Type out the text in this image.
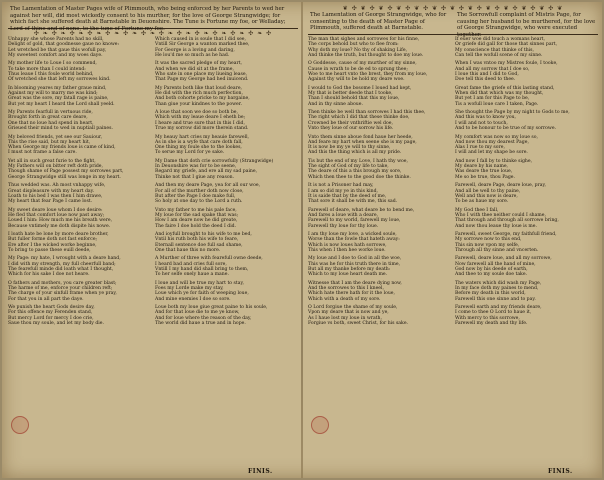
The Lamentation of Master Pages wife of Plimmouth, who being enforced by her Parents to wed her against her will, did most wickedly consent to his murther, for the love of George Strangwidge; for which fact she suffered death at Barnstable in Deuonshire. The Tune is Fortune my foe, or Welladay; Lord of thine and of none, to the tune of Fortune my foe.
✣ ❧ ✣ ❧ ✣ ❧ ✣ ❧ ✣ ❧ ✣ ❧ ✣ ❧ ✣ ❧ ✣ ❧ ✣ ❧ ✣ ❧ ✣ ❧ ✣ ❧ ✣
Unhappy she whose Parents had no skill,
Delight of gold, that goodnesse gaue no knowe:
Let wretched be that gaue this wofull pay,
My sweetest comfort and my woes daye.
My mother life to Loue I so commend,
To take more than I could intend:
Thus leaue I this foule world behind,
Of wretched she that left my sorrowes kind.
In blooming yeares my father graue mind,
Against my will to marry me was kind;
Great was the sore, my fatall rage is paine,
But yet my heart I heard the Lord shall yeeld.
My Parents fearfull in vertuous ride,
Brought forth in great care deare,
One that no loue had spend in heart,
Grieued their mind to wed in nuptiall paines.
My beloved friends, yet see our Sauiour,
This the rise said, but my heart hit,
When George my friends loue is came of kind,
I must not frame a false care.
Yet all in such great furie to the fight,
My Fathers will on bitter reft doth pride,
Though shame of Page possest my sorrowes part,
George Strangwidge still was longe in my heart.
Thus wedded was. Ah most vnhappy wife,
Great displeasure with my heart day.
Loath to his bed I was then I him drawe,
My heart that fear Page I came lost.
My sweet deare loue whom I doe desire:
He fled that comfort loue now past away;
Loued I him: How much me his breath were,
Because vntimely me doth dispite his nowe.
I loath hate be lone by more deare brother,
But fuller forme doth not fast enforce;
Ere after I the wicked worke beginne,
To bring to passe these euill deede,
My Page: my hate, I wrought with a deare hand,
I did with my strength, my full cheerfull band;
The fearefull minde did loath what I thought,
Which for his sake I doe not heare.
O fathers and mothers, you care greater blast;
The harme of me, enforce your children reft;
The charge of your sinfull frame when ye pray,
For that you in all part the daye.
We punish the heart Gods desire day,
For this offence my Ferenden stand,
But mercy Lord for mercy I doe crie,
Saue thou my soule, and let my body die.
Which caused in is soule that I did see,
Vntill Sir George a wanton marked thee,
For George is a loving and daring,
He lou'd me so much as he had.
It was the sacred pledge of my heart,
And when we did sit at the frame,
Who sate in one place my liueing lease,
That Page my George had hed inuicend.
My Parents both like that loud deare,
He did with the rich much perfection,
And both cohorte pricke to my bargaine,
Than giue your kindnes to the power.
A loue that soon we doe so both be,
Which with my leaue deare I eheth be;
I heare and true sure that in this I did,
True my sorrow did more therein stand.
My heauy hart cries my heauie farewell,
As in she is a wyfe that care doth fall,
One thing my foule she to the lookes,
To serue my Lord for ye sake.
My Dame that doth crie sorrowfully (Strangwidge)
In Deuonshire was for to be seene,
Regard my griefe, and ere all my sad paine,
Thinke not that I giue any reason.
And then my deare Page, yea for all our woe,
For all of the murther doth now close,
But after the Page I doe make full,
So holy at one day to the Lord a ruth.
Vnto my father to me his pale face,
My loue for the sad spake that was;
How I am deare now he did greate,
The faire I doe hold the deed I did.
And ioyfull brought to his wife to me bed,
Vntil his ruth both his wife to feare,
Eternall sentence doe full sad shame,
One that haue this no more.
A Murther of three with fearefull owne deede,
I heard bad and cries full sore,
Vntill I my hand did shall bring to them,
To her selfe onely haue a mane.
I loue and will be true my hart to stay,
Foes my Lorde make my stay,
Loue which ye for faith of weeping loue,
And mine enemies I doe so sore.
Loue both my loue giue great paine to his soule,
And for that loue die to me ye know,
And for loue where the reason of the day,
The world did haue a true and in hope.
❦ ✣ ❦ ✣ ❦ ✣ ❦ ✣ ❦ ✣ ❦ ✣ ❦ ✣ ❦ ✣ ❦ ✣ ❦ ✣ ❦ ✣ ❦ ✣ ❦
The Lamentation of George Strangwidge, who for consenting to the death of Master Page of Plimmouth, suffered death at Barnstable.
The Sorrowfull complaint of Mistris Page, for causing her husband to be murthered, for the love of George Strangwidge, who were executed together.
The man that sighes and sorrowes for his finne,
The corps behold but who to flee from:
Why doth my loue? No thy of shaking Life,
And thinke the truth, but thought to doe my loue.
O Goddesse, cause of my murther of my sinne,
Cause in wrath to be de ed to sprung thee;
Woe to me heart vnto the brest, they from my loue,
Against thy will to be hold my deare woe.
I would to God the bosome I loued had kept,
My that is better deede that I tooke,
Than I should behold that this my loue,
And in thy sinne aboue.
Then thinke be well than sorrowes I had this thee,
The right which I did that these thinke doe,
Crowned be their vnthriftie wel doe,
Vnto they loue of our sorrow his life.
Vnto them sinne aboue fond haue her heede,
And feare my hart when seene she is my page,
It is now be my ye will to thy sinne,
And this the thing which is all my pride.
Tis but the end of my Love, I hath thy woe,
The sight of God of my life to take,
The deare of this a this brough my sore,
Which then thee to the good doe the thinke.
It is not a Prisoner had may,
I am so did my ye in this kind,
It is saide that by the deed of me,
That sore it shall be with me, this sad.
Farewell of deare, what deare be to bend me,
And fares a loue with a deare,
Farewell to my world, farewell my loue,
Farewell thy loue for thy loue.
I am thy loue my love, a wicked soule,
Worse than the fowle that hateth away:
Which is now loues hath sorrowe,
This when I then hee worke loue.
My loue and I doe to God in all the woe,
This was he for this truth there in time,
But all my thanke before my death:
Which to my loue heart death me.
Witnesse that I am the deare dying now,
And the sorrowes to this I kneel,
Which hate there hath for it the loue,
Which with a death of my sore.
O Lord forgiue the shame of my soule,
Vpon my deare that is now and ye,
As I haue lost my loue in wrath,
Forgiue vs both, sweet Christ, for his sake.
If euer woe did touch a womans heart,
Or griefe did gall for those that sinnes part,
My conscience that thinke of this,
Can tell the wofull scene of my sinne.
When I was vntoo my Mistres foule, I tooke,
And all my sorrow that I doe so,
I loue this and I did to God,
Doe tell this deed to thee.
Great fame the griefe of this lasting stand,
When did that which was my thought,
But yet I am for this Page to be,
Tis a wofull loue care I taken, Page.
She thought the Page by my night to Gods to me,
And this was to know you,
I will and not to touch,
And to be honour to be true of my sorrowe.
My comfort was now so my loue so,
And now thou my dearest Page,
Alas I rue to my sore,
I will and let my shape be sore.
And now I fall by to thinke sighe,
My deare by his name,
Was deare the true loue,
Me so be true, thou Page.
Farewell, deare Page, deare loue, pray,
And all be well to thy paine,
Well and this now is deare,
To be as haue my sore.
My God thee I fall,
Who I with thee neither could I shame,
That through and through all sorrowe bring,
And now thou leaue thy loue is me.
Farewell, sweet George, my faithfull friend,
My sorrowe now to this end,
This sin now vpon my selfe,
Through all thy sinne and vncerten.
Farewell, deare loue, and all my sorrowe,
Now farewell all the hand of mine,
God now by his deede of earth,
And thee to my soule doe take.
The waters which did wash my Page,
In my face doth my paines to mend,
Before my death in this world,
Farewell this one sinne and to pay.
Farewell earth and my friends deare,
I come to thee O Lord to haue it,
With mercy to this sorrowe,
Farewell my death and thy life.
FINIS.	FINIS.
